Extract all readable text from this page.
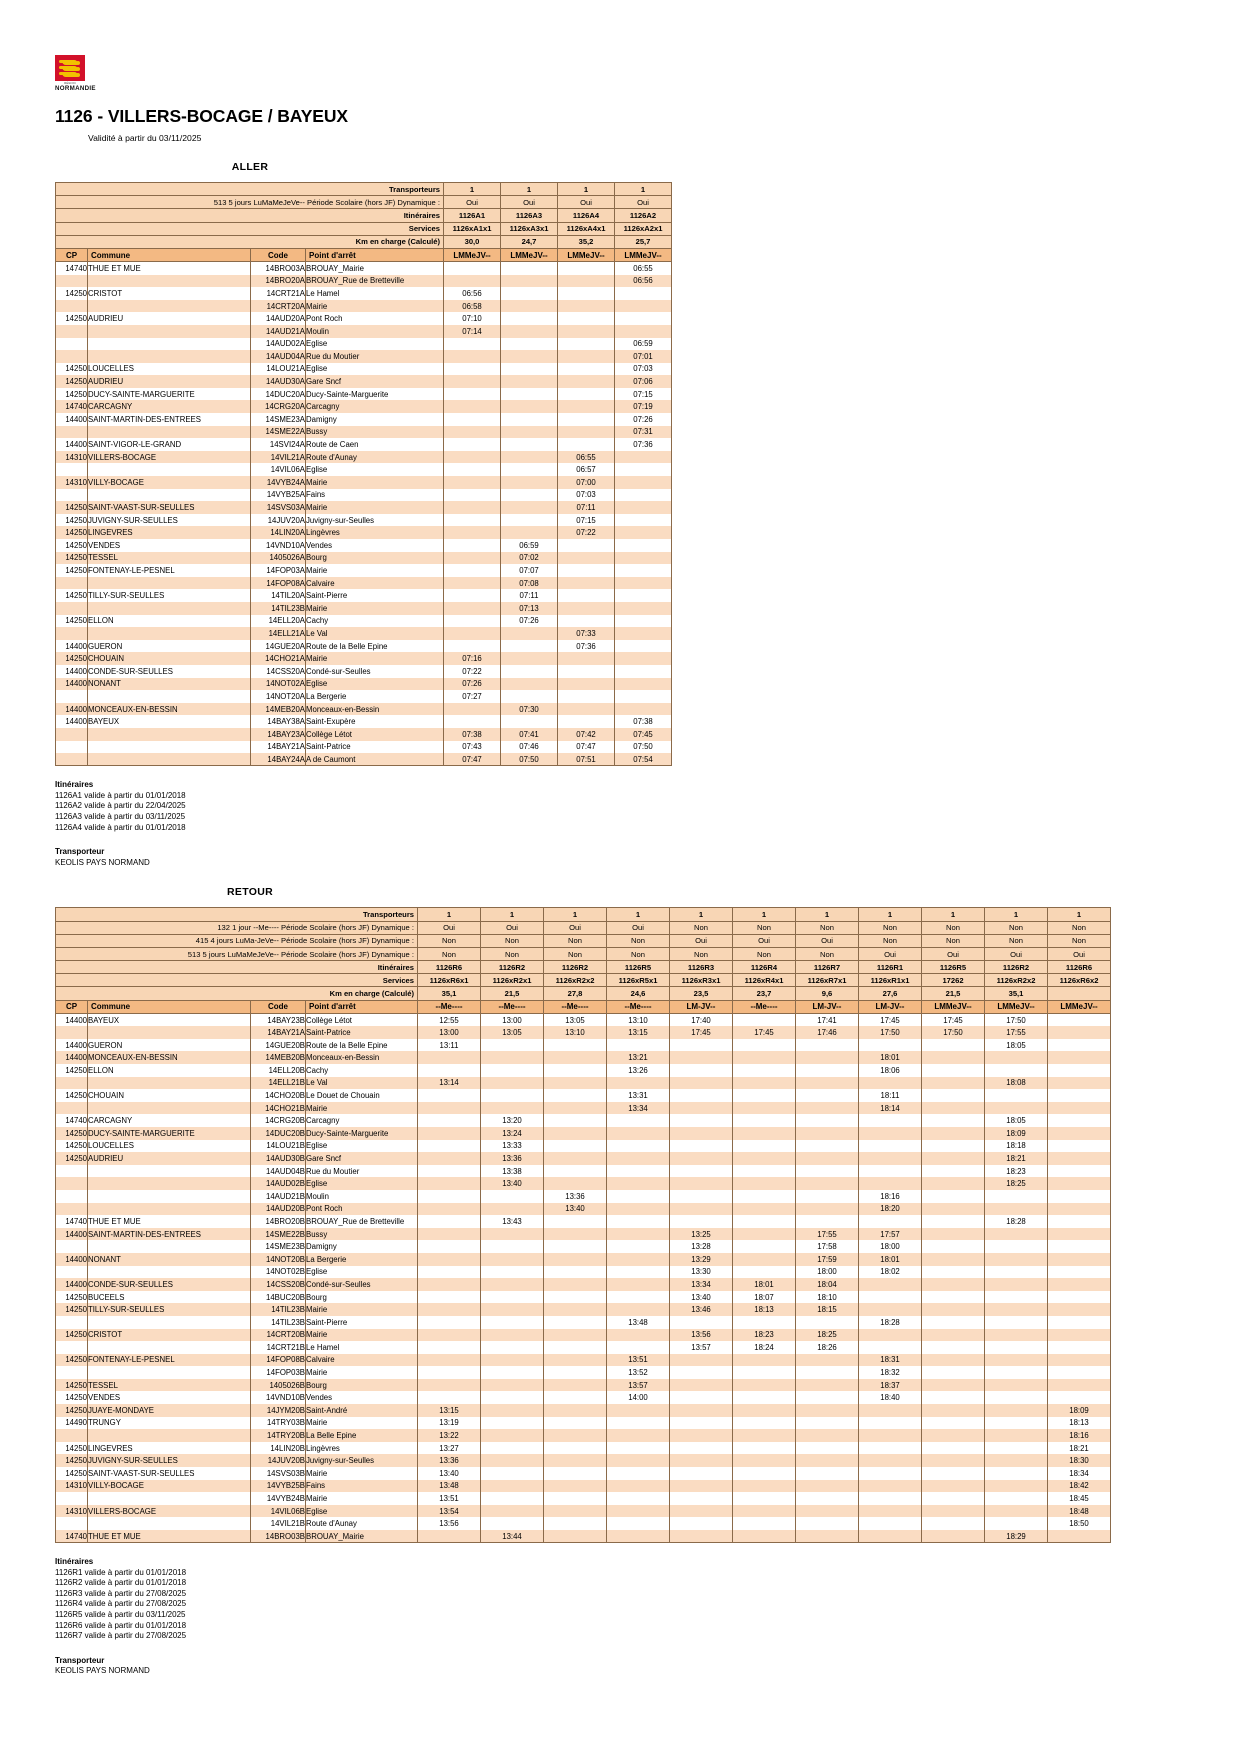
RÉGION
NORMANDIE
1126 - VILLERS-BOCAGE / BAYEUX
Validité à partir du 03/11/2025
ALLER
Transporteurs				1	1	1	1
513 5 jours LuMaMeJeVe-- Période Scolaire (hors JF) Dynamique :				Oui	Oui	Oui	Oui
Itinéraires				1126A1	1126A3	1126A4	1126A2
Services				1126xA1x1	1126xA3x1	1126xA4x1	1126xA2x1
Km en charge (Calculé)				30,0	24,7	35,2	25,7
CP	Commune	Code	Point d'arrêt	LMMeJV--	LMMeJV--	LMMeJV--	LMMeJV--
14740	THUE ET MUE	14BRO03A	BROUAY_Mairie				06:55
		14BRO20A	BROUAY_Rue de Bretteville				06:56
14250	CRISTOT	14CRT21A	Le Hamel	06:56			
		14CRT20A	Mairie	06:58			
14250	AUDRIEU	14AUD20A	Pont Roch	07:10			
		14AUD21A	Moulin	07:14			
		14AUD02A	Eglise				06:59
		14AUD04A	Rue du Moutier				07:01
14250	LOUCELLES	14LOU21A	Eglise				07:03
14250	AUDRIEU	14AUD30A	Gare Sncf				07:06
14250	DUCY-SAINTE-MARGUERITE	14DUC20A	Ducy-Sainte-Marguerite				07:15
14740	CARCAGNY	14CRG20A	Carcagny				07:19
14400	SAINT-MARTIN-DES-ENTREES	14SME23A	Damigny				07:26
		14SME22A	Bussy				07:31
14400	SAINT-VIGOR-LE-GRAND	14SVI24A	Route de Caen				07:36
14310	VILLERS-BOCAGE	14VIL21A	Route d'Aunay			06:55	
		14VIL06A	Eglise			06:57	
14310	VILLY-BOCAGE	14VYB24A	Mairie			07:00	
		14VYB25A	Fains			07:03	
14250	SAINT-VAAST-SUR-SEULLES	14SVS03A	Mairie			07:11	
14250	JUVIGNY-SUR-SEULLES	14JUV20A	Juvigny-sur-Seulles			07:15	
14250	LINGEVRES	14LIN20A	Lingèvres			07:22	
14250	VENDES	14VND10A	Vendes		06:59		
14250	TESSEL	1405026A	Bourg		07:02		
14250	FONTENAY-LE-PESNEL	14FOP03A	Mairie		07:07		
		14FOP08A	Calvaire		07:08		
14250	TILLY-SUR-SEULLES	14TIL20A	Saint-Pierre		07:11		
		14TIL23B	Mairie		07:13		
14250	ELLON	14ELL20A	Cachy		07:26		
		14ELL21A	Le Val			07:33	
14400	GUERON	14GUE20A	Route de la Belle Epine			07:36	
14250	CHOUAIN	14CHO21A	Mairie	07:16			
14400	CONDE-SUR-SEULLES	14CSS20A	Condé-sur-Seulles	07:22			
14400	NONANT	14NOT02A	Eglise	07:26			
		14NOT20A	La Bergerie	07:27			
14400	MONCEAUX-EN-BESSIN	14MEB20A	Monceaux-en-Bessin		07:30		
14400	BAYEUX	14BAY38A	Saint-Exupère				07:38
		14BAY23A	Collège Létot	07:38	07:41	07:42	07:45
		14BAY21A	Saint-Patrice	07:43	07:46	07:47	07:50
		14BAY24A	A de Caumont	07:47	07:50	07:51	07:54
Itinéraires
1126A1 valide à partir du 01/01/2018
1126A2 valide à partir du 22/04/2025
1126A3 valide à partir du 03/11/2025
1126A4 valide à partir du 01/01/2018
Transporteur
KEOLIS PAYS NORMAND
RETOUR
Transporteurs				1	1	1	1	1	1	1	1	1	1	1
132 1 jour --Me---- Période Scolaire (hors JF) Dynamique :				Oui	Oui	Oui	Oui	Non	Non	Non	Non	Non	Non	Non
415 4 jours LuMa-JeVe-- Période Scolaire (hors JF) Dynamique :				Non	Non	Non	Non	Oui	Oui	Oui	Non	Non	Non	Non
513 5 jours LuMaMeJeVe-- Période Scolaire (hors JF) Dynamique :				Non	Non	Non	Non	Non	Non	Non	Oui	Oui	Oui	Oui
Itinéraires				1126R6	1126R2	1126R2	1126R5	1126R3	1126R4	1126R7	1126R1	1126R5	1126R2	1126R6
Services				1126xR6x1	1126xR2x1	1126xR2x2	1126xR5x1	1126xR3x1	1126xR4x1	1126xR7x1	1126xR1x1	17262	1126xR2x2	1126xR6x2
Km en charge (Calculé)				35,1	21,5	27,8	24,6	23,5	23,7	9,6	27,6	21,5	35,1	
CP	Commune	Code	Point d'arrêt	--Me----	--Me----	--Me----	--Me----	LM-JV--	--Me----	LM-JV--	LM-JV--	LMMeJV--	LMMeJV--	LMMeJV--
14400	BAYEUX	14BAY23B	Collège Létot	12:55	13:00	13:05	13:10	17:40		17:41	17:45	17:45	17:50	
		14BAY21A	Saint-Patrice	13:00	13:05	13:10	13:15	17:45	17:45	17:46	17:50	17:50	17:55	
14400	GUERON	14GUE20B	Route de la Belle Epine	13:11									18:05	
14400	MONCEAUX-EN-BESSIN	14MEB20B	Monceaux-en-Bessin				13:21				18:01			
14250	ELLON	14ELL20B	Cachy				13:26				18:06			
		14ELL21B	Le Val	13:14									18:08	
14250	CHOUAIN	14CHO20B	Le Douet de Chouain				13:31				18:11			
		14CHO21B	Mairie				13:34				18:14			
14740	CARCAGNY	14CRG20B	Carcagny		13:20								18:05	
14250	DUCY-SAINTE-MARGUERITE	14DUC20B	Ducy-Sainte-Marguerite		13:24								18:09	
14250	LOUCELLES	14LOU21B	Eglise		13:33								18:18	
14250	AUDRIEU	14AUD30B	Gare Sncf		13:36								18:21	
		14AUD04B	Rue du Moutier		13:38								18:23	
		14AUD02B	Eglise		13:40								18:25	
		14AUD21B	Moulin			13:36					18:16			
		14AUD20B	Pont Roch			13:40					18:20			
14740	THUE ET MUE	14BRO20B	BROUAY_Rue de Bretteville		13:43								18:28	
14400	SAINT-MARTIN-DES-ENTREES	14SME22B	Bussy					13:25		17:55	17:57			
		14SME23B	Damigny					13:28		17:58	18:00			
14400	NONANT	14NOT20B	La Bergerie					13:29		17:59	18:01			
		14NOT02B	Eglise					13:30		18:00	18:02			
14400	CONDE-SUR-SEULLES	14CSS20B	Condé-sur-Seulles					13:34	18:01	18:04				
14250	BUCEELS	14BUC20B	Bourg					13:40	18:07	18:10				
14250	TILLY-SUR-SEULLES	14TIL23B	Mairie					13:46	18:13	18:15				
		14TIL23B	Saint-Pierre				13:48				18:28			
14250	CRISTOT	14CRT20B	Mairie					13:56	18:23	18:25				
		14CRT21B	Le Hamel					13:57	18:24	18:26				
14250	FONTENAY-LE-PESNEL	14FOP08B	Calvaire				13:51				18:31			
		14FOP03B	Mairie				13:52				18:32			
14250	TESSEL	1405026B	Bourg				13:57				18:37			
14250	VENDES	14VND10B	Vendes				14:00				18:40			
14250	JUAYE-MONDAYE	14JYM20B	Saint-André	13:15										18:09
14490	TRUNGY	14TRY03B	Mairie	13:19										18:13
		14TRY20B	La Belle Epine	13:22										18:16
14250	LINGEVRES	14LIN20B	Lingèvres	13:27										18:21
14250	JUVIGNY-SUR-SEULLES	14JUV20B	Juvigny-sur-Seulles	13:36										18:30
14250	SAINT-VAAST-SUR-SEULLES	14SVS03B	Mairie	13:40										18:34
14310	VILLY-BOCAGE	14VYB25B	Fains	13:48										18:42
		14VYB24B	Mairie	13:51										18:45
14310	VILLERS-BOCAGE	14VIL06B	Eglise	13:54										18:48
		14VIL21B	Route d'Aunay	13:56										18:50
14740	THUE ET MUE	14BRO03B	BROUAY_Mairie		13:44								18:29	
Itinéraires
1126R1 valide à partir du 01/01/2018
1126R2 valide à partir du 01/01/2018
1126R3 valide à partir du 27/08/2025
1126R4 valide à partir du 27/08/2025
1126R5 valide à partir du 03/11/2025
1126R6 valide à partir du 01/01/2018
1126R7 valide à partir du 27/08/2025
Transporteur
KEOLIS PAYS NORMAND
